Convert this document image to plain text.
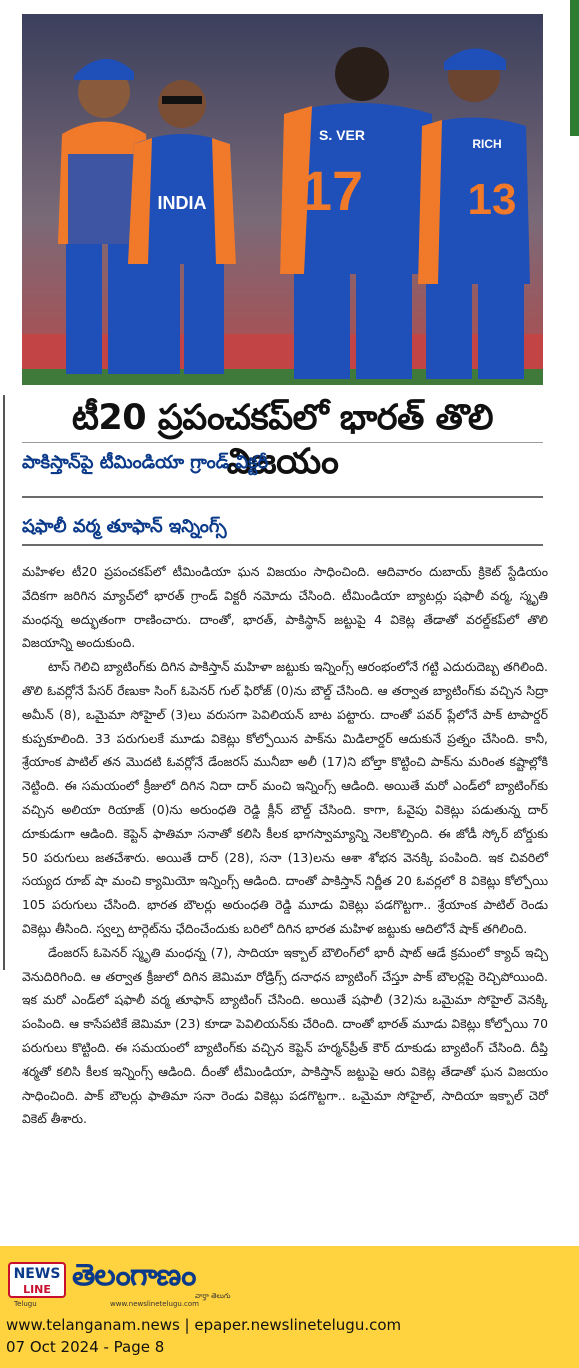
INDIA
S. VER
17
RICH
13
టీ20 ప్రపంచకప్‌లో భారత్ తొలి విజయం
పాకిస్తాన్‌పై టీమిండియా గ్రాండ్ విక్టరీ
షఫాలీ వర్మ తూఫాన్ ఇన్నింగ్స్

మహిళల టీ20 ప్రపంచకప్‌లో టీమిండియా ఘన విజయం సాధించింది. ఆదివారం దుబాయ్ క్రికెట్ స్టేడియం వేదికగా జరిగిన మ్యాచ్‌లో భారత్ గ్రాండ్ విక్టరీ నమోదు చేసింది. టీమిండియా బ్యాటర్లు షఫాలీ వర్మ, స్మృతి మంధన్న అద్భుతంగా రాణించారు. దాంతో, భారత్, పాకిస్థాన్ జట్టుపై 4 వికెట్ల తేడాతో వరల్డ్‌కప్‌లో తొలి విజయాన్ని అందుకుంది.

టాస్ గెలిచి బ్యాటింగ్‌కు దిగిన పాకిస్తాన్ మహిళా జట్టుకు ఇన్నింగ్స్ ఆరంభంలోనే గట్టి ఎదురుదెబ్బ తగిలింది. తొలి ఓవర్లోనే పేసర్ రేణుకా సింగ్ ఓపెనర్ గుల్ ఫిరోజ్ (0)ను బౌల్డ్ చేసింది. ఆ తర్వాత బ్యాటింగ్‌కు వచ్చిన సిద్రా అమీన్ (8), ఒమైమా సోహైల్ (3)లు వరుసగా పెవిలియన్ బాట పట్టారు. దాంతో పవర్ ప్లేలోనే పాక్ టాపార్డర్ కుప్పకూలింది. 33 పరుగులకే మూడు వికెట్లు కోల్పోయిన పాక్‌ను మిడిలార్డర్ ఆదుకునే ప్రత్నం చేసింది. కానీ, శ్రేయాంక పాటిల్ తన మొదటి ఓవర్లోనే డేంజరస్ మునీబా అలీ (17)ని బోల్తా కొట్టించి పాక్‌ను మరింత కష్టాల్లోకి నెట్టింది. ఈ సమయంలో క్రీజులో దిగిన నిదా దార్ మంచి ఇన్నింగ్స్ ఆడింది. అయితే మరో ఎండ్‌లో బ్యాటింగ్‌కు వచ్చిన అలియా రియాజ్ (0)ను అరుంధతి రెడ్డి క్లీన్ బౌల్డ్ చేసింది. కాగా, ఓవైపు వికెట్లు పడుతున్న దార్ దూకుడుగా ఆడింది. కెప్టెన్ ఫాతిమా సనాతో కలిసి కీలక భాగస్వామ్యాన్ని నెలకొల్పింది. ఈ జోడీ స్కోర్ బోర్డుకు 50 పరుగులు జతచేశారు. అయితే దార్ (28), సనా (13)లను ఆశా శోభన వెనక్కి పంపింది. ఇక చివరిలో సయ్యద రూబ్ షా మంచి క్యామియో ఇన్నింగ్స్ ఆడింది. దాంతో పాకిస్తాన్ నిర్ణీత 20 ఓవర్లలో 8 వికెట్లు కోల్పోయి 105 పరుగులు చేసింది. భారత బౌలర్లు అరుంధతి రెడ్డి మూడు వికెట్లు పడగొట్టగా.. శ్రేయాంక పాటిల్ రెండు వికెట్లు తీసింది. స్వల్ప టార్గెట్‌ను ఛేదించేందుకు బరిలో దిగిన భారత మహిళ జట్టుకు ఆదిలోనే షాక్ తగిలింది.

డేంజరస్ ఓపెనర్ స్మృతి మంధన్న (7), సాదియా ఇక్బాల్ బౌలింగ్‌లో భారీ షాట్ ఆడే క్రమంలో క్యాచ్ ఇచ్చి వెనుదిరిగింది. ఆ తర్వాత క్రీజులో దిగిన జెమిమా రోడ్రిగ్స్ దనాధన బ్యాటింగ్ చేస్తూ పాక్ బౌలర్లపై రెచ్చిపోయింది. ఇక మరో ఎండ్‌లో షఫాలీ వర్మ తూఫాన్ బ్యాటింగ్ చేసింది. అయితే షఫాలీ (32)ను ఒమైమా సోహైల్ వెనక్కి పంపింది. ఆ కాసేపటికే జెమిమా (23) కూడా పెవిలియన్‌కు చేరింది. దాంతో భారత్ మూడు వికెట్లు కోల్పోయి 70 పరుగులు కొట్టింది. ఈ సమయంలో బ్యాటింగ్‌కు వచ్చిన కెప్టెన్ హర్మన్‌ప్రీత్ కౌర్ దూకుడు బ్యాటింగ్ చేసింది. దీప్తి శర్మతో కలిసి కీలక ఇన్నింగ్స్ ఆడింది. దీంతో టీమిండియా, పాకిస్తాన్ జట్టుపై ఆరు వికెట్ల తేడాతో ఘన విజయం సాధించింది. పాక్ బౌలర్లు ఫాతిమా సనా రెండు వికెట్లు పడగొట్టగా.. ఒమైమా సోహైల్, సాదియా ఇక్బాల్ చెరో వికెట్ తీశారు.

NEWS
LINE
Telugu
తెలంగాణం
వార్తా తెలుగు
www.newslinetelugu.com
www.telanganam.news | epaper.newslinetelugu.com
07 Oct 2024 - Page 8
